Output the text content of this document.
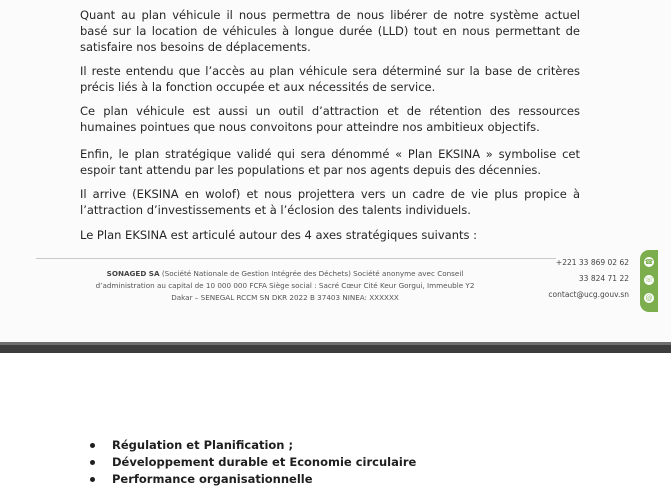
Quant au plan véhicule il nous permettra de nous libérer de notre système actuel basé sur la location de véhicules à longue durée (LLD) tout en nous permettant de satisfaire nos besoins de déplacements.

Il reste entendu que l’accès au plan véhicule sera déterminé sur la base de critères précis liés à la fonction occupée et aux nécessités de service.

Ce plan véhicule est aussi un outil d’attraction et de rétention des ressources humaines pointues que nous convoitons pour atteindre nos ambitieux objectifs.

Enfin, le plan stratégique validé qui sera dénommé « Plan EKSINA » symbolise cet espoir tant attendu par les populations et par nos agents depuis des décennies.

Il arrive (EKSINA en wolof) et nous projettera vers un cadre de vie plus propice à l’attraction d’investissements et à l’éclosion des talents individuels.

Le Plan EKSINA est articulé autour des 4 axes stratégiques suivants :

SONAGED SA (Société Nationale de Gestion Intégrée des Déchets) Société anonyme avec Conseil
d’administration au capital de 10 000 000 FCFA Siège social : Sacré Cœur Cité Keur Gorgui, Immeuble Y2
Dakar – SENEGAL RCCM SN DKR 2022 B 37403 NINEA: XXXXXX
+221 33 869 02 62
33 824 71 22
contact@ucg.gouv.sn
☎
☏
@
Régulation et Planification ;
Développement durable et Economie circulaire
Performance organisationnelle
